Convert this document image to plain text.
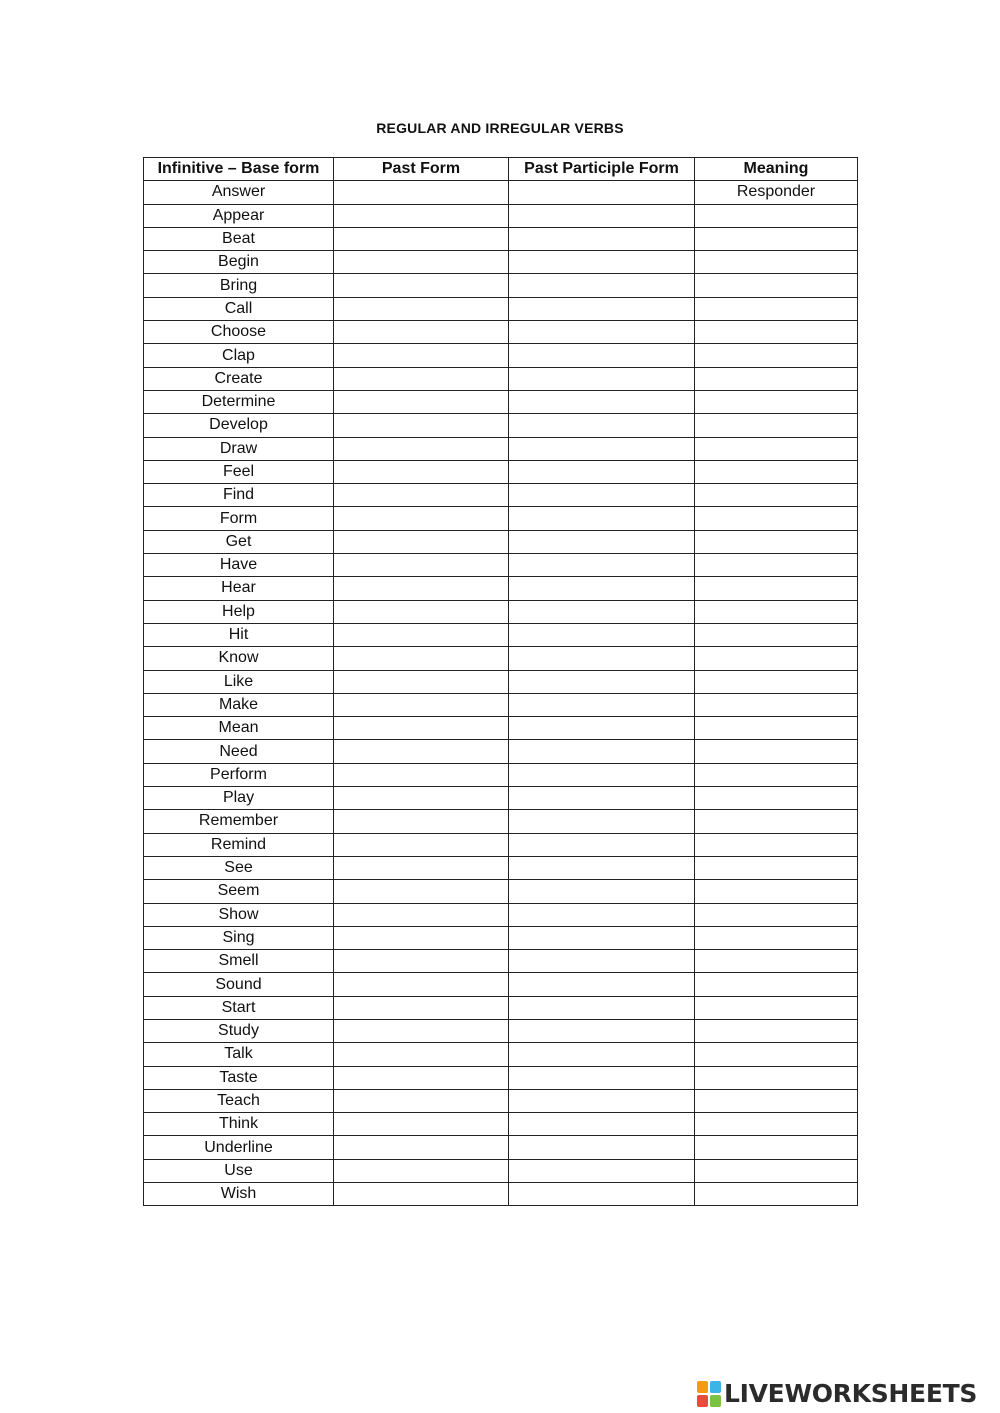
REGULAR AND IRREGULAR VERBS
Infinitive – Base form	Past Form	Past Participle Form	Meaning
Answer			Responder
Appear			
Beat			
Begin			
Bring			
Call			
Choose			
Clap			
Create			
Determine			
Develop			
Draw			
Feel			
Find			
Form			
Get			
Have			
Hear			
Help			
Hit			
Know			
Like			
Make			
Mean			
Need			
Perform			
Play			
Remember			
Remind			
See			
Seem			
Show			
Sing			
Smell			
Sound			
Start			
Study			
Talk			
Taste			
Teach			
Think			
Underline			
Use			
Wish			
LIVEWORKSHEETS
